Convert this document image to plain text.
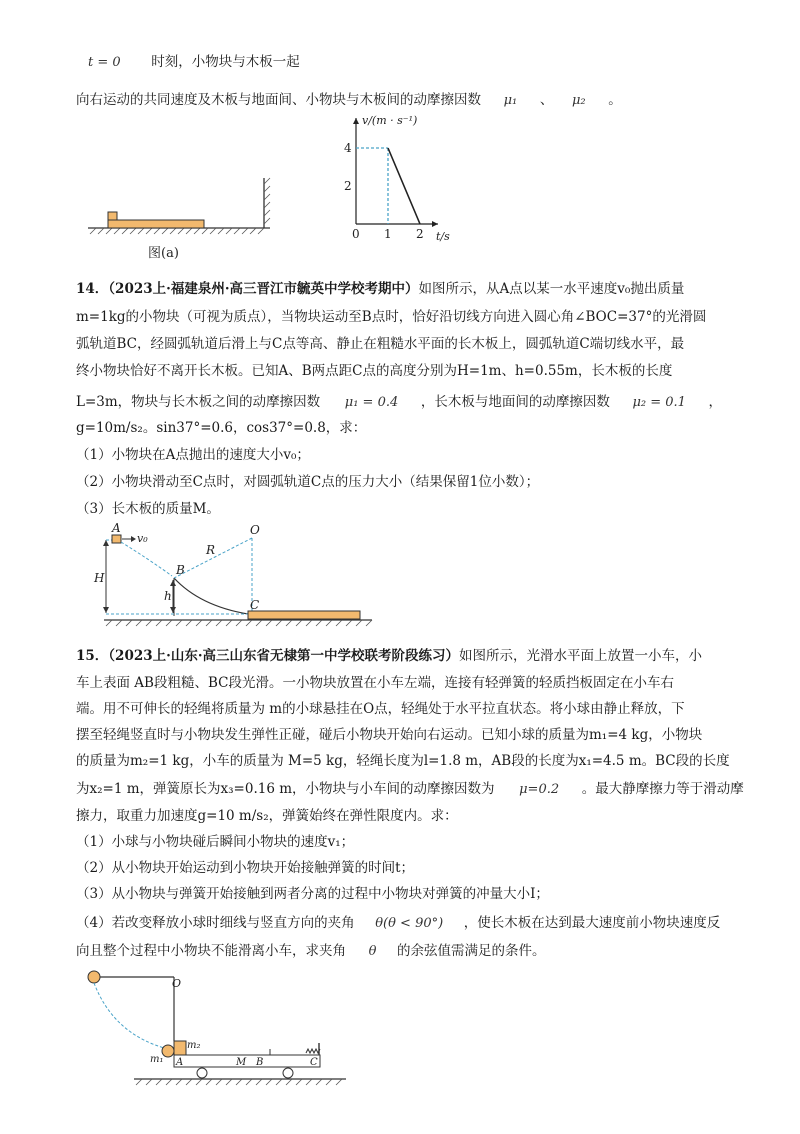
t = 0 时刻，小物块与木板一起
向右运动的共同速度及木板与地面间、小物块与木板间的动摩擦因数 μ₁ 、 μ₂ 。
图(a)
v/(m · s⁻¹)
t/s
0 1 2
4
2
14．（2023上·福建泉州·高三晋江市毓英中学校考期中）如图所示，从A点以某一水平速度v₀抛出质量
m=1kg的小物块（可视为质点），当物块运动至B点时，恰好沿切线方向进入圆心角∠BOC=37°的光滑圆
弧轨道BC，经圆弧轨道后滑上与C点等高、静止在粗糙水平面的长木板上，圆弧轨道C端切线水平，最
终小物块恰好不离开长木板。已知A、B两点距C点的高度分别为H=1m、h=0.55m，长木板的长度
L=3m，物块与长木板之间的动摩擦因数 μ₁ = 0.4 ，长木板与地面间的动摩擦因数 μ₂ = 0.1 ，
g=10m/s₂。sin37°=0.6，cos37°=0.8，求：
（1）小物块在A点抛出的速度大小v₀；
（2）小物块滑动至C点时，对圆弧轨道C点的压力大小（结果保留1位小数）；
（3）长木板的质量M。
H
A
v₀
B
h
O
R
C
15．（2023上·山东·高三山东省无棣第一中学校联考阶段练习）如图所示，光滑水平面上放置一小车，小
车上表面 AB段粗糙、BC段光滑。一小物块放置在小车左端，连接有轻弹簧的轻质挡板固定在小车右
端。用不可伸长的轻绳将质量为 m的小球悬挂在O点，轻绳处于水平拉直状态。将小球由静止释放，下
摆至轻绳竖直时与小物块发生弹性正碰，碰后小物块开始向右运动。已知小球的质量为m₁=4 kg，小物块
的质量为m₂=1 kg，小车的质量为 M=5 kg，轻绳长度为l=1.8 m，AB段的长度为x₁=4.5 m。BC段的长度
为x₂=1 m，弹簧原长为x₃=0.16 m，小物块与小车间的动摩擦因数为 μ=0.2 。最大静摩擦力等于滑动摩
擦力，取重力加速度g=10 m/s₂，弹簧始终在弹性限度内。求：
（1）小球与小物块碰后瞬间小物块的速度v₁；
（2）从小物块开始运动到小物块开始接触弹簧的时间t；
（3）从小物块与弹簧开始接触到两者分离的过程中小物块对弹簧的冲量大小I；
（4）若改变释放小球时细线与竖直方向的夹角 θ(θ < 90°) ，使长木板在达到最大速度前小物块速度反
向且整个过程中小物块不能滑离小车，求夹角 θ 的余弦值需满足的条件。
O
m₁
m₂
A	M B	C
